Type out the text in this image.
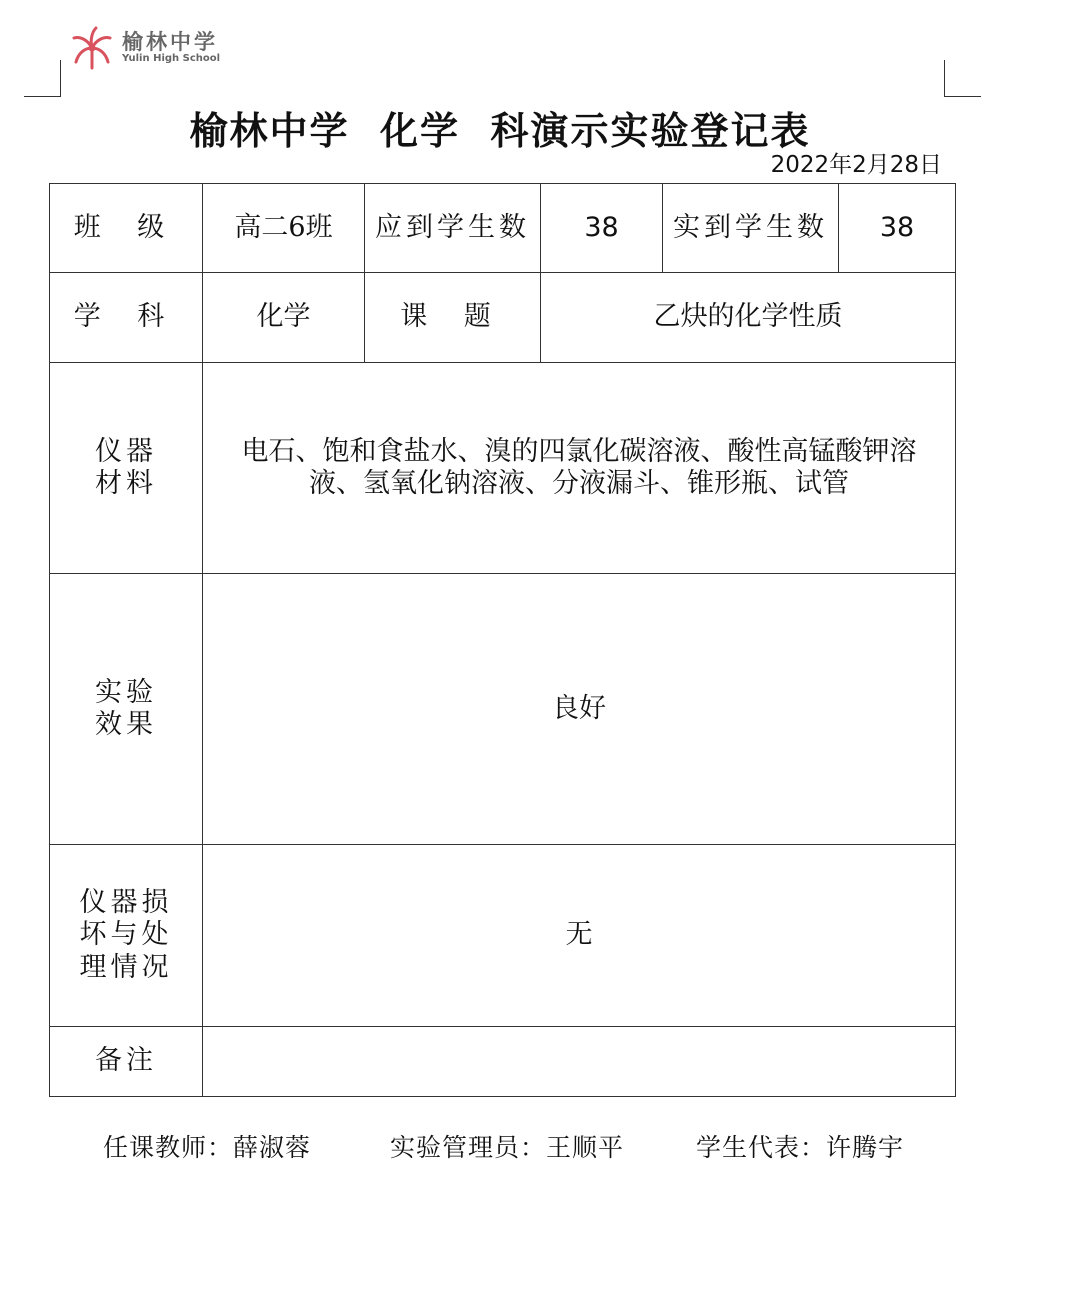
榆林中学
Yulin High School
榆林中学  化学  科演示实验登记表
2022年2月28日
班 级	高二6班	应到学生数	38	实到学生数	38
学 科	化学	课 题	乙炔的化学性质		
仪器
材料	电石、饱和食盐水、溴的四氯化碳溶液、酸性高锰酸钾溶液、氢氧化钠溶液、分液漏斗、锥形瓶、试管				
实验
效果	良好				
仪器损
坏与处
理情况	无				
备注					
任课教师：薛淑蓉	实验管理员：王顺平	学生代表：许腾宇
